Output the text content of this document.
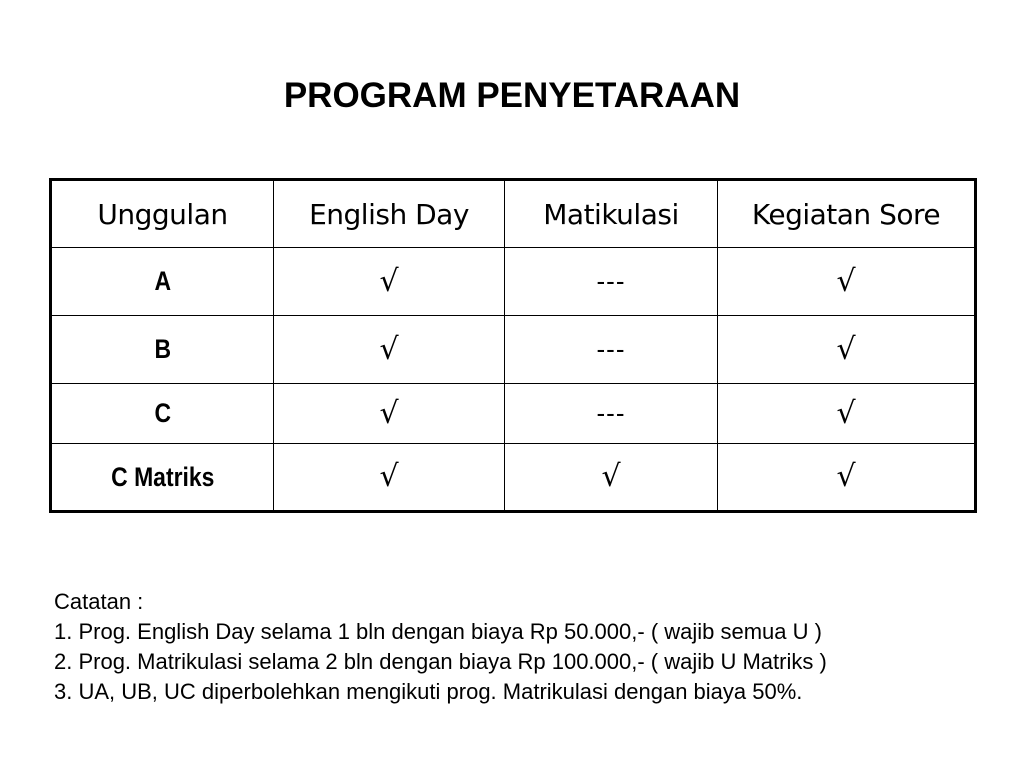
PROGRAM PENYETARAAN
Unggulan	English Day	Matikulasi	Kegiatan Sore
A	√	---	√
B	√	---	√
C	√	---	√
C Matriks	√	√	√
Catatan :
1. Prog. English Day selama 1 bln dengan biaya Rp 50.000,- ( wajib semua U )
2. Prog. Matrikulasi selama 2 bln dengan biaya Rp 100.000,- ( wajib U Matriks )
3. UA, UB, UC diperbolehkan mengikuti prog. Matrikulasi dengan biaya 50%.
